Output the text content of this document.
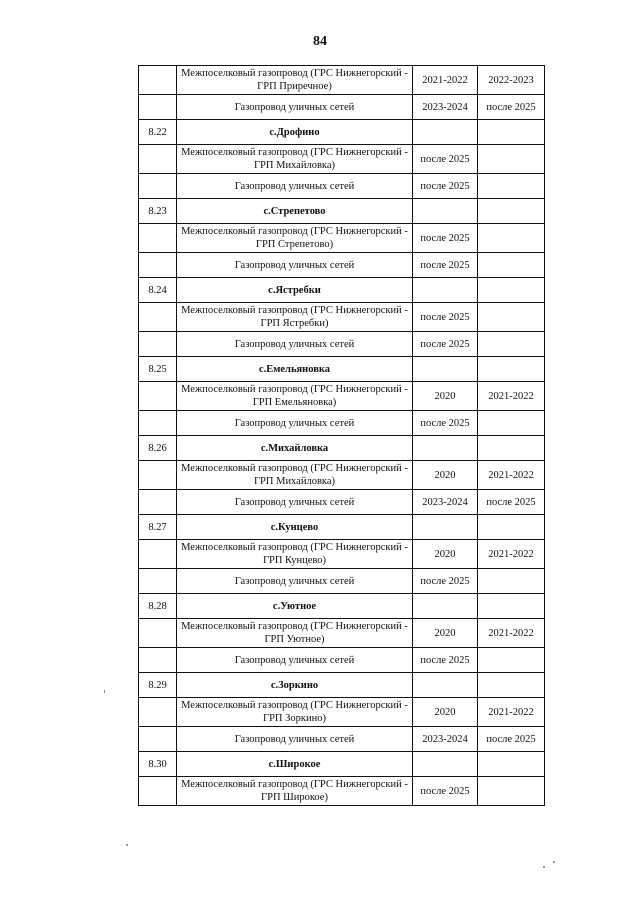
84
	Межпоселковый газопровод (ГРС Нижнегорский - ГРП Приречное)	2021-2022	2022-2023
	Газопровод уличных сетей	2023-2024	после 2025
8.22	с.Дрофино		
	Межпоселковый газопровод (ГРС Нижнегорский - ГРП Михайловка)	после 2025	
	Газопровод уличных сетей	после 2025	
8.23	с.Стрепетово		
	Межпоселковый газопровод (ГРС Нижнегорский - ГРП Стрепетово)	после 2025	
	Газопровод уличных сетей	после 2025	
8.24	с.Ястребки		
	Межпоселковый газопровод (ГРС Нижнегорский - ГРП Ястребки)	после 2025	
	Газопровод уличных сетей	после 2025	
8.25	с.Емельяновка		
	Межпоселковый газопровод (ГРС Нижнегорский - ГРП Емельяновка)	2020	2021-2022
	Газопровод уличных сетей	после 2025	
8.26	с.Михайловка		
	Межпоселковый газопровод (ГРС Нижнегорский - ГРП Михайловка)	2020	2021-2022
	Газопровод уличных сетей	2023-2024	после 2025
8.27	с.Кунцево		
	Межпоселковый газопровод (ГРС Нижнегорский - ГРП Кунцево)	2020	2021-2022
	Газопровод уличных сетей	после 2025	
8.28	с.Уютное		
	Межпоселковый газопровод (ГРС Нижнегорский - ГРП Уютное)	2020	2021-2022
	Газопровод уличных сетей	после 2025	
8.29	с.Зоркино		
	Межпоселковый газопровод (ГРС Нижнегорский - ГРП Зоркино)	2020	2021-2022
	Газопровод уличных сетей	2023-2024	после 2025
8.30	с.Широкое		
	Межпоселковый газопровод (ГРС Нижнегорский - ГРП Широкое)	после 2025	
